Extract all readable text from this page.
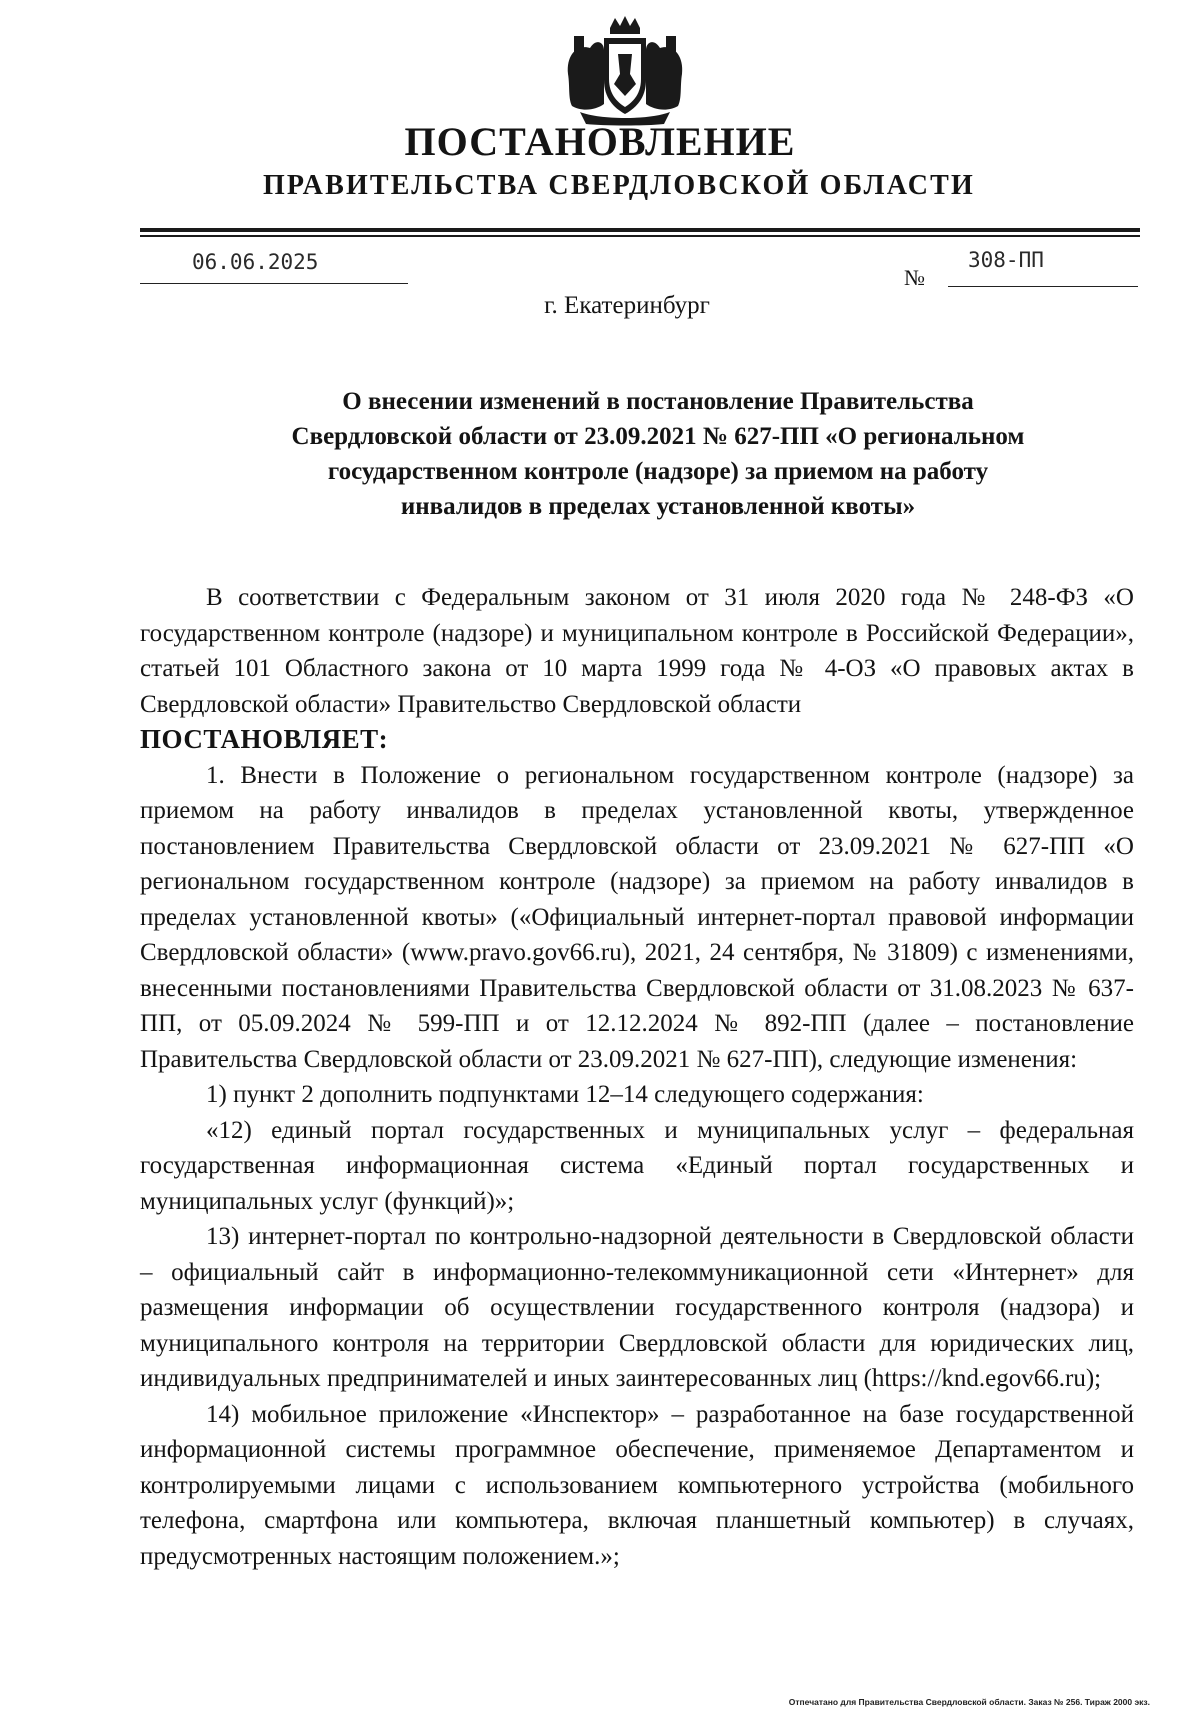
ПОСТАНОВЛЕНИЕ
ПРАВИТЕЛЬСТВА СВЕРДЛОВСКОЙ ОБЛАСТИ
06.06.2025
№
308-ПП
г. Екатеринбург
О внесении изменений в постановление Правительства
Свердловской области от 23.09.2021 № 627-ПП «О региональном
государственном контроле (надзоре) за приемом на работу
инвалидов в пределах установленной квоты»

В соответствии с Федеральным законом от 31 июля 2020 года № 248-ФЗ «О государственном контроле (надзоре) и муниципальном контроле в Российской Федерации», статьей 101 Областного закона от 10 марта 1999 года № 4-ОЗ «О правовых актах в Свердловской области» Правительство Свердловской области

ПОСТАНОВЛЯЕТ:

1. Внести в Положение о региональном государственном контроле (надзоре) за приемом на работу инвалидов в пределах установленной квоты, утвержденное постановлением Правительства Свердловской области от 23.09.2021 № 627-ПП «О региональном государственном контроле (надзоре) за приемом на работу инвалидов в пределах установленной квоты» («Официальный интернет-портал правовой информации Свердловской области» (www.pravo.gov66.ru), 2021, 24 сентября, № 31809) с изменениями, внесенными постановлениями Правительства Свердловской области от 31.08.2023 № 637-ПП, от 05.09.2024 № 599-ПП и от 12.12.2024 № 892-ПП (далее – постановление Правительства Свердловской области от 23.09.2021 № 627-ПП), следующие изменения:

1) пункт 2 дополнить подпунктами 12–14 следующего содержания:

«12) единый портал государственных и муниципальных услуг – федеральная государственная информационная система «Единый портал государственных и муниципальных услуг (функций)»;

13) интернет-портал по контрольно-надзорной деятельности в Свердловской области – официальный сайт в информационно-телекоммуникационной сети «Интернет» для размещения информации об осуществлении государственного контроля (надзора) и муниципального контроля на территории Свердловской области для юридических лиц, индивидуальных предпринимателей и иных заинтересованных лиц (https://knd.egov66.ru);

14) мобильное приложение «Инспектор» – разработанное на базе государственной информационной системы программное обеспечение, применяемое Департаментом и контролируемыми лицами с использованием компьютерного устройства (мобильного телефона, смартфона или компьютера, включая планшетный компьютер) в случаях, предусмотренных настоящим положением.»;

Отпечатано для Правительства Свердловской области. Заказ № 256. Тираж 2000 экз.
